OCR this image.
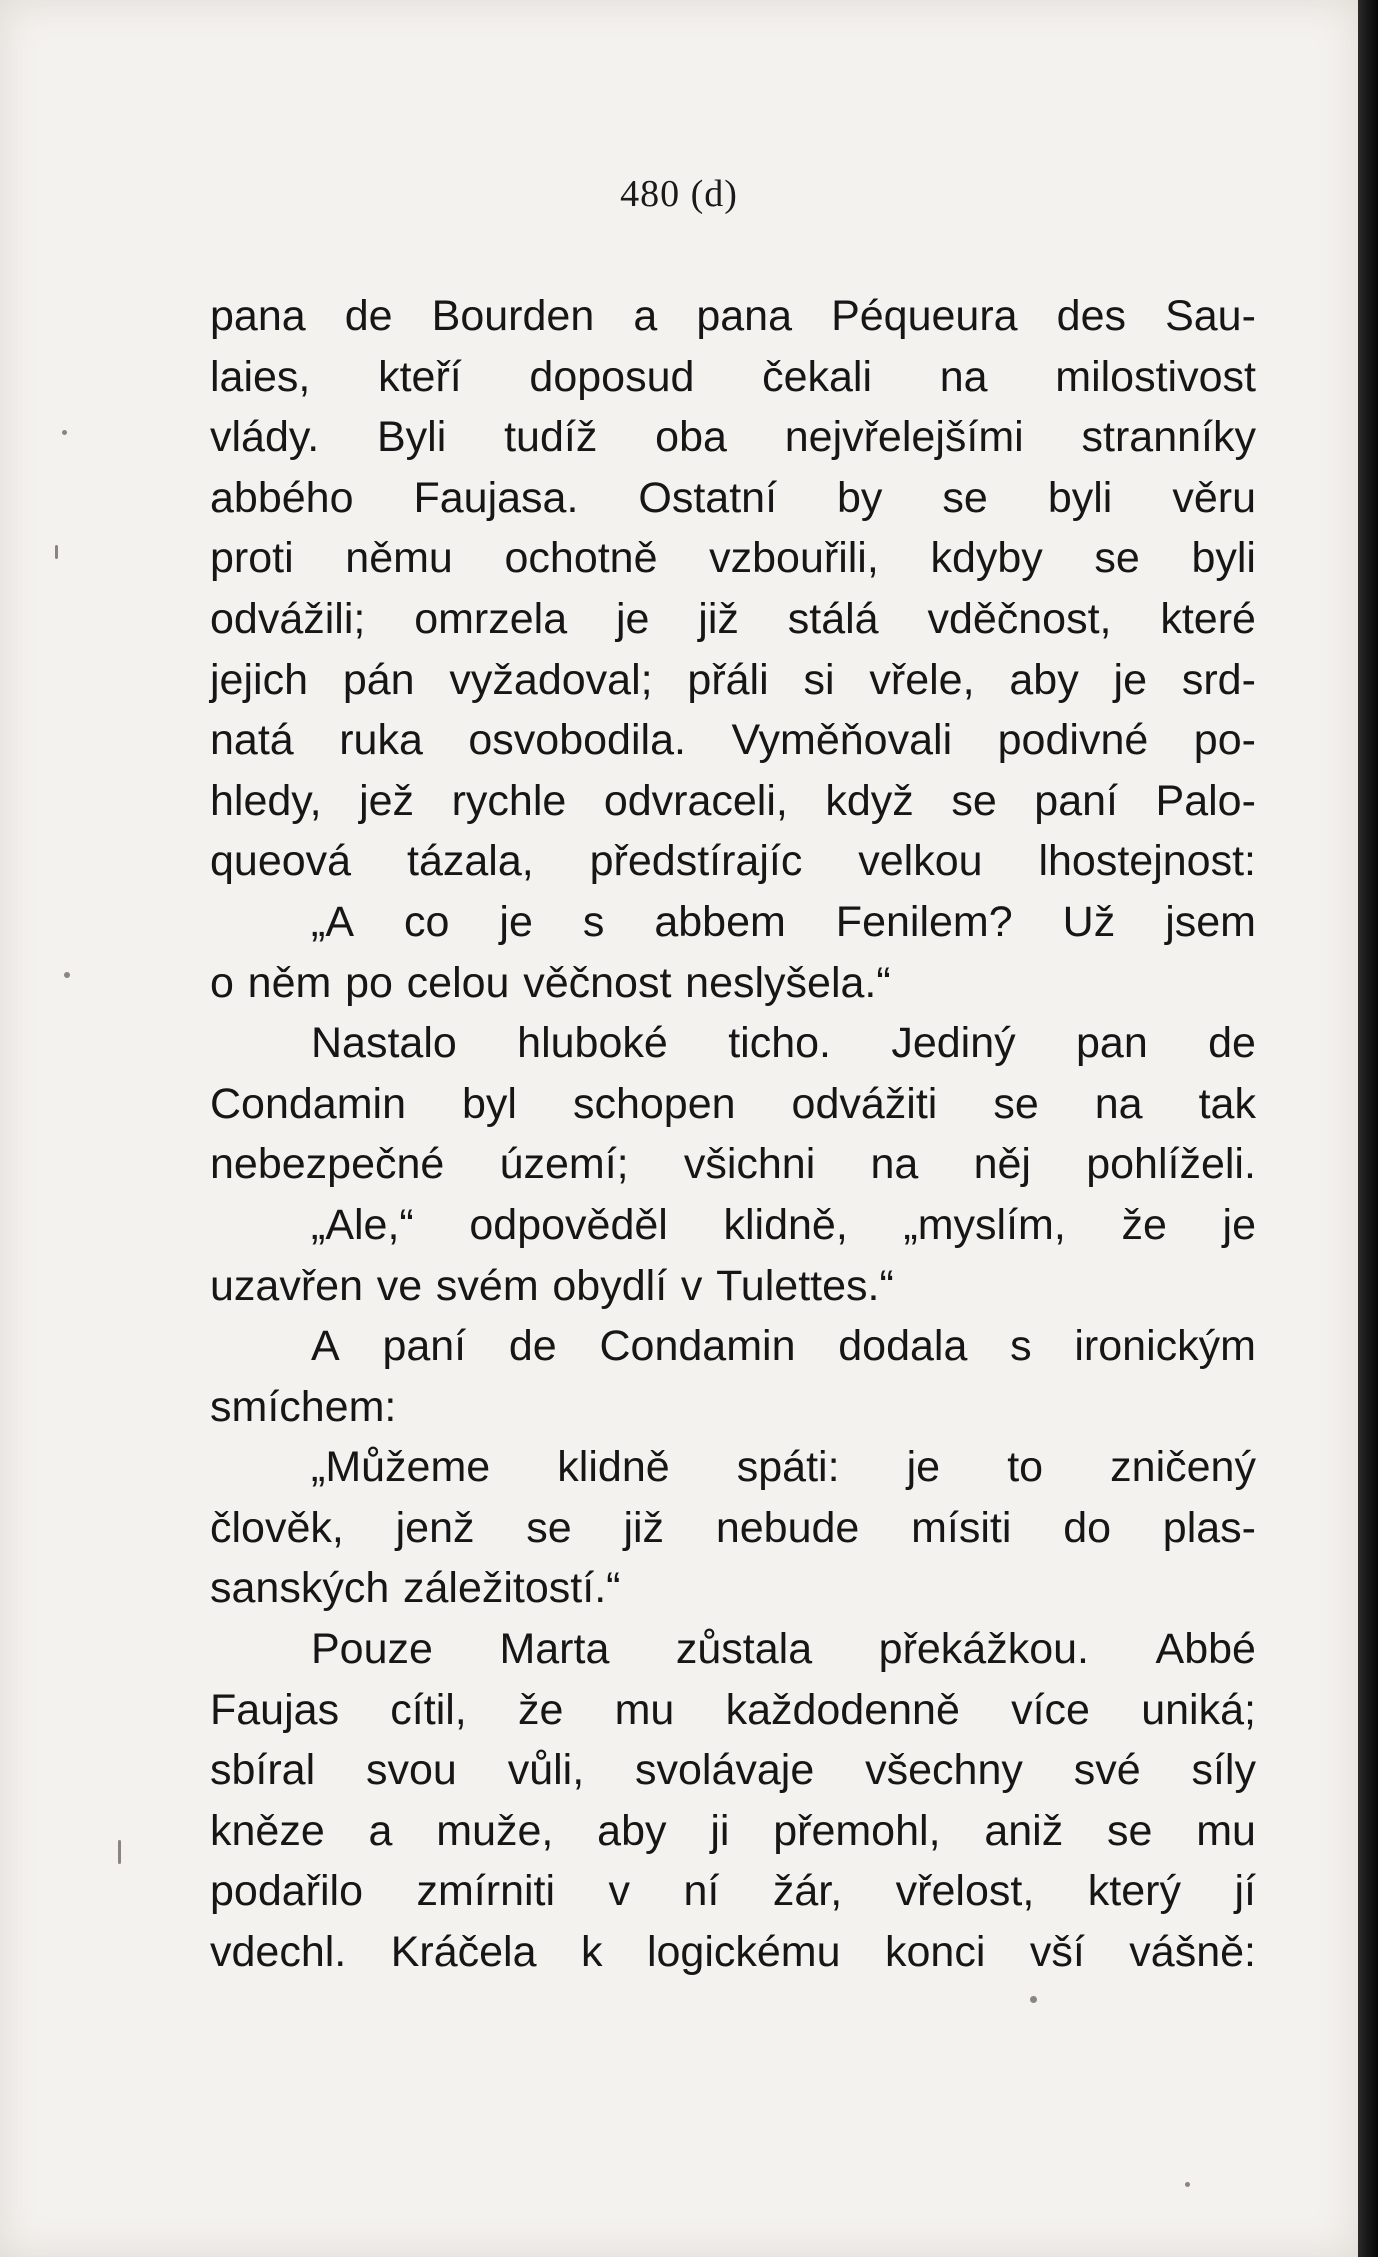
480 (d)
pana de Bourden a pana Péqueura des Sau-
laies, kteří doposud čekali na milostivost
vlády. Byli tudíž oba nejvřelejšími stranníky
abbého Faujasa. Ostatní by se byli věru
proti němu ochotně vzbouřili, kdyby se byli
odvážili; omrzela je již stálá vděčnost, které
jejich pán vyžadoval; přáli si vřele, aby je srd-
natá ruka osvobodila. Vyměňovali podivné po-
hledy, jež rychle odvraceli, když se paní Palo-
queová tázala, předstírajíc velkou lhostejnost:
„A co je s abbem Fenilem? Už jsem
o něm po celou věčnost neslyšela.“
Nastalo hluboké ticho. Jediný pan de
Condamin byl schopen odvážiti se na tak
nebezpečné území; všichni na něj pohlíželi.
„Ale,“ odpověděl klidně, „myslím, že je
uzavřen ve svém obydlí v Tulettes.“
A paní de Condamin dodala s ironickým
smíchem:
„Můžeme klidně spáti: je to zničený
člověk, jenž se již nebude mísiti do plas-
sanských záležitostí.“
Pouze Marta zůstala překážkou. Abbé
Faujas cítil, že mu každodenně více uniká;
sbíral svou vůli, svolávaje všechny své síly
kněze a muže, aby ji přemohl, aniž se mu
podařilo zmírniti v ní žár, vřelost, který jí
vdechl. Kráčela k logickému konci vší vášně:
